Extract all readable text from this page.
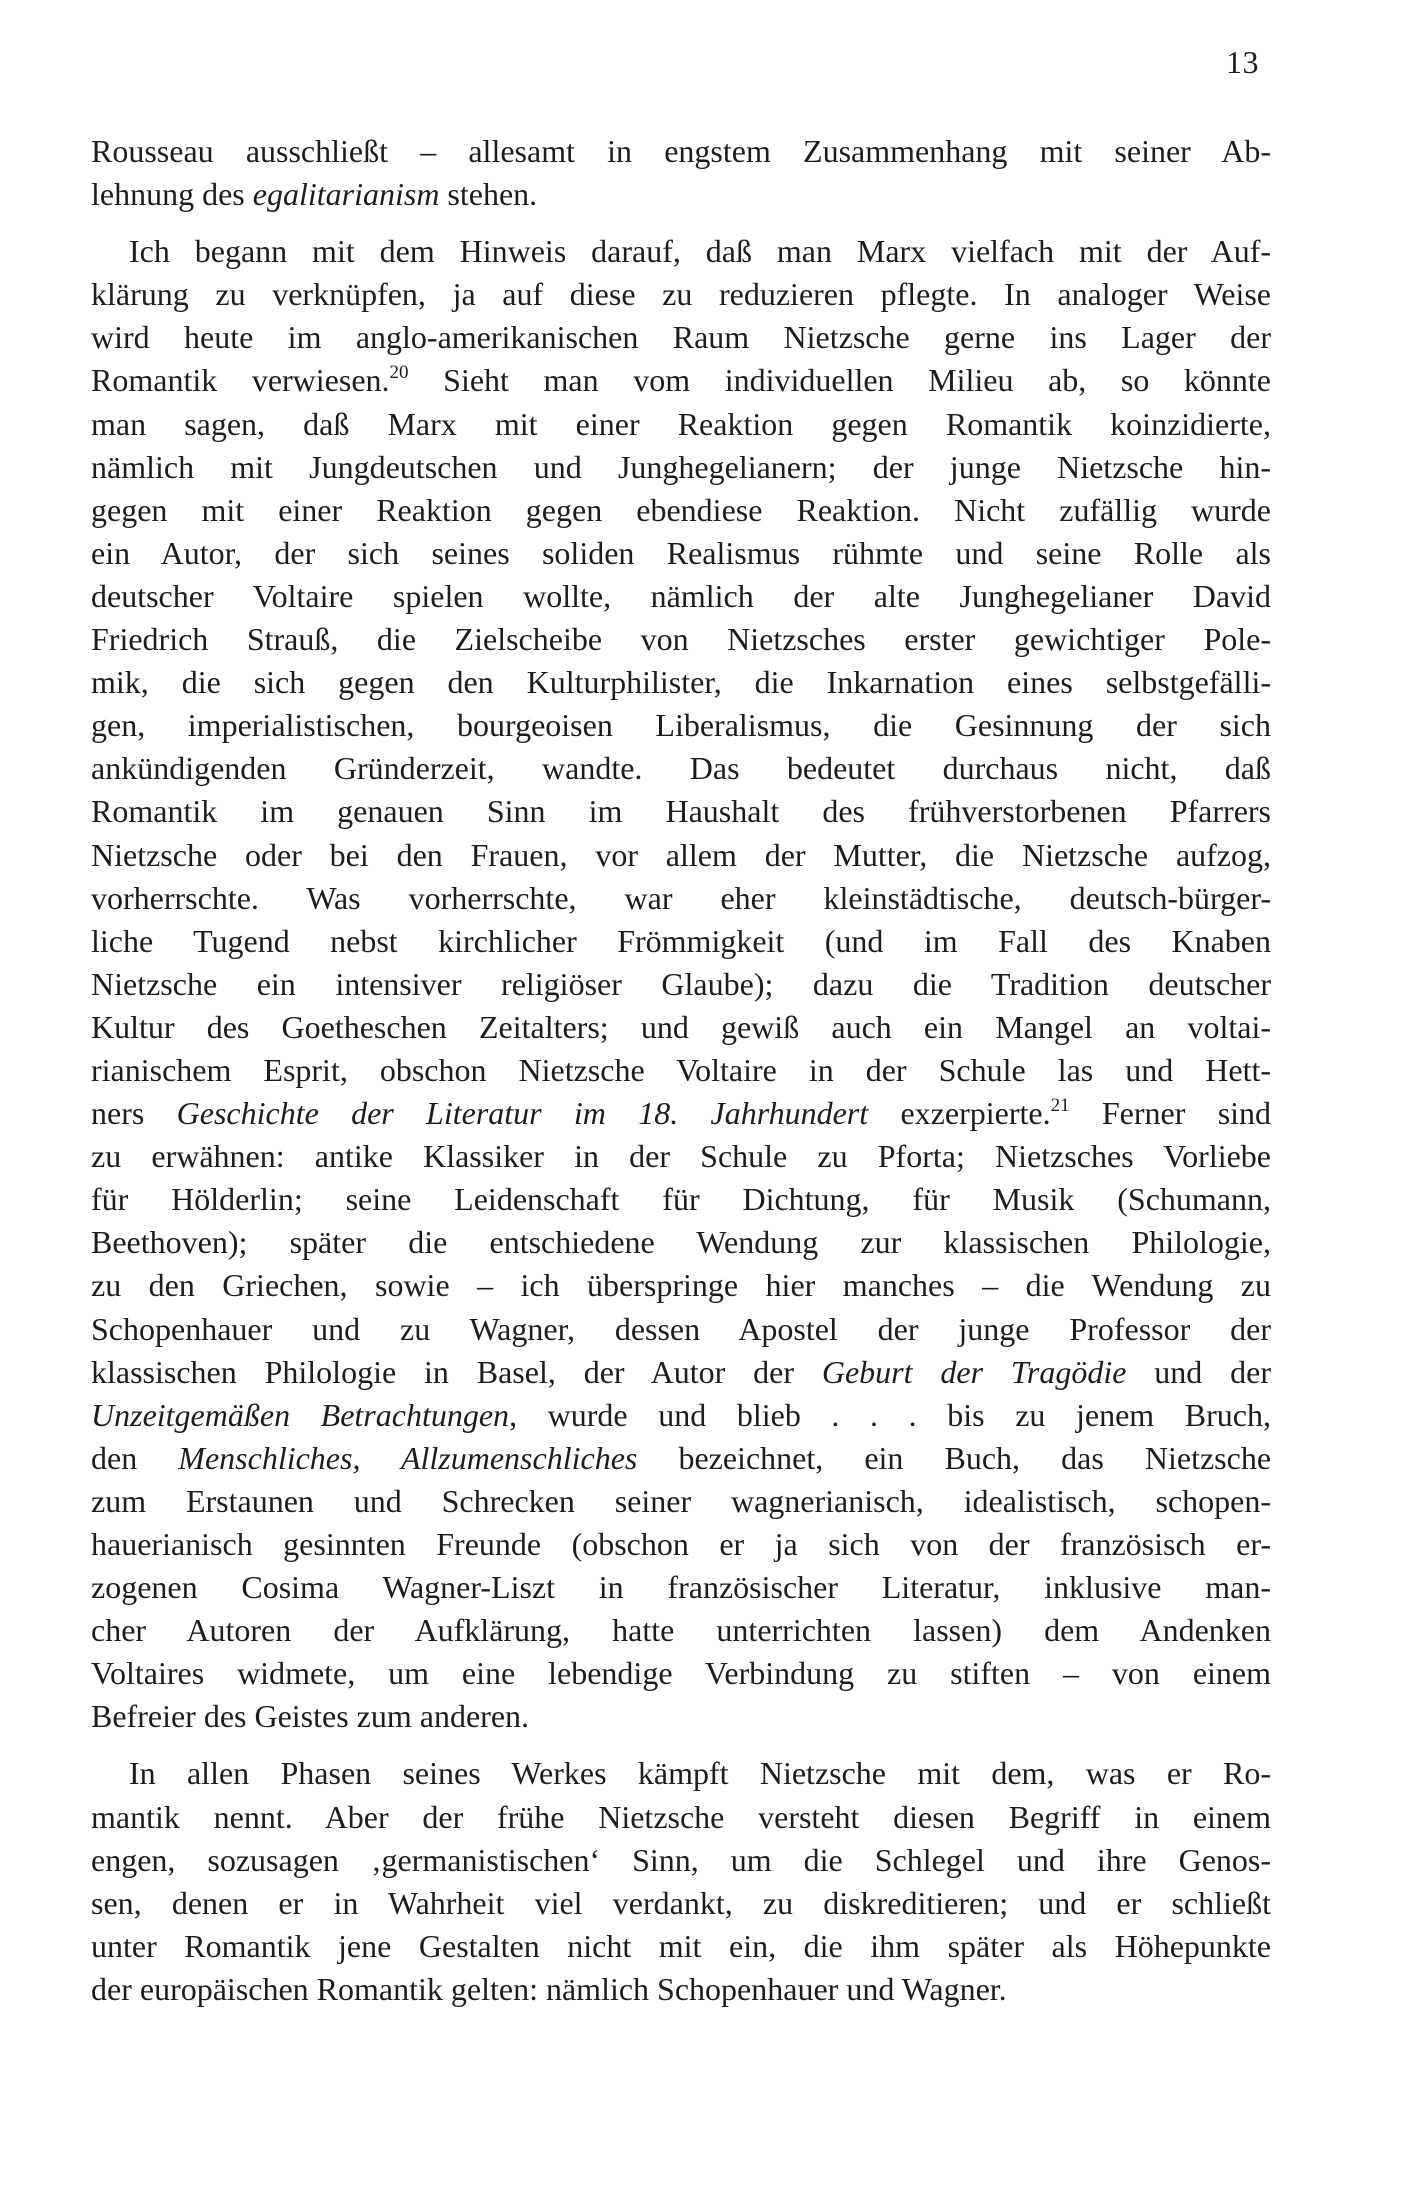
13
Rousseau ausschließt – allesamt in engstem Zusammenhang mit seiner Ab-
lehnung des egalitarianism stehen.
Ich begann mit dem Hinweis darauf, daß man Marx vielfach mit der Auf-
klärung zu verknüpfen, ja auf diese zu reduzieren pflegte. In analoger Weise
wird heute im anglo-amerikanischen Raum Nietzsche gerne ins Lager der
Romantik verwiesen.$^{20}$ Sieht man vom individuellen Milieu ab, so könnte
man sagen, daß Marx mit einer Reaktion gegen Romantik koinzidierte,
nämlich mit Jungdeutschen und Junghegelianern; der junge Nietzsche hin-
gegen mit einer Reaktion gegen ebendiese Reaktion. Nicht zufällig wurde
ein Autor, der sich seines soliden Realismus rühmte und seine Rolle als
deutscher Voltaire spielen wollte, nämlich der alte Junghegelianer David
Friedrich Strauß, die Zielscheibe von Nietzsches erster gewichtiger Pole-
mik, die sich gegen den Kulturphilister, die Inkarnation eines selbstgefälli-
gen, imperialistischen, bourgeoisen Liberalismus, die Gesinnung der sich
ankündigenden Gründerzeit, wandte. Das bedeutet durchaus nicht, daß
Romantik im genauen Sinn im Haushalt des frühverstorbenen Pfarrers
Nietzsche oder bei den Frauen, vor allem der Mutter, die Nietzsche aufzog,
vorherrschte. Was vorherrschte, war eher kleinstädtische, deutsch-bürger-
liche Tugend nebst kirchlicher Frömmigkeit (und im Fall des Knaben
Nietzsche ein intensiver religiöser Glaube); dazu die Tradition deutscher
Kultur des Goetheschen Zeitalters; und gewiß auch ein Mangel an voltai-
rianischem Esprit, obschon Nietzsche Voltaire in der Schule las und Hett-
ners Geschichte der Literatur im 18. Jahrhundert exzerpierte.$^{21}$ Ferner sind
zu erwähnen: antike Klassiker in der Schule zu Pforta; Nietzsches Vorliebe
für Hölderlin; seine Leidenschaft für Dichtung, für Musik (Schumann,
Beethoven); später die entschiedene Wendung zur klassischen Philologie,
zu den Griechen, sowie – ich überspringe hier manches – die Wendung zu
Schopenhauer und zu Wagner, dessen Apostel der junge Professor der
klassischen Philologie in Basel, der Autor der Geburt der Tragödie und der
Unzeitgemäßen Betrachtungen, wurde und blieb . . . bis zu jenem Bruch,
den Menschliches, Allzumenschliches bezeichnet, ein Buch, das Nietzsche
zum Erstaunen und Schrecken seiner wagnerianisch, idealistisch, schopen-
hauerianisch gesinnten Freunde (obschon er ja sich von der französisch er-
zogenen Cosima Wagner-Liszt in französischer Literatur, inklusive man-
cher Autoren der Aufklärung, hatte unterrichten lassen) dem Andenken
Voltaires widmete, um eine lebendige Verbindung zu stiften – von einem
Befreier des Geistes zum anderen.
In allen Phasen seines Werkes kämpft Nietzsche mit dem, was er Ro-
mantik nennt. Aber der frühe Nietzsche versteht diesen Begriff in einem
engen, sozusagen ‚germanistischen‘ Sinn, um die Schlegel und ihre Genos-
sen, denen er in Wahrheit viel verdankt, zu diskreditieren; und er schließt
unter Romantik jene Gestalten nicht mit ein, die ihm später als Höhepunkte
der europäischen Romantik gelten: nämlich Schopenhauer und Wagner.
